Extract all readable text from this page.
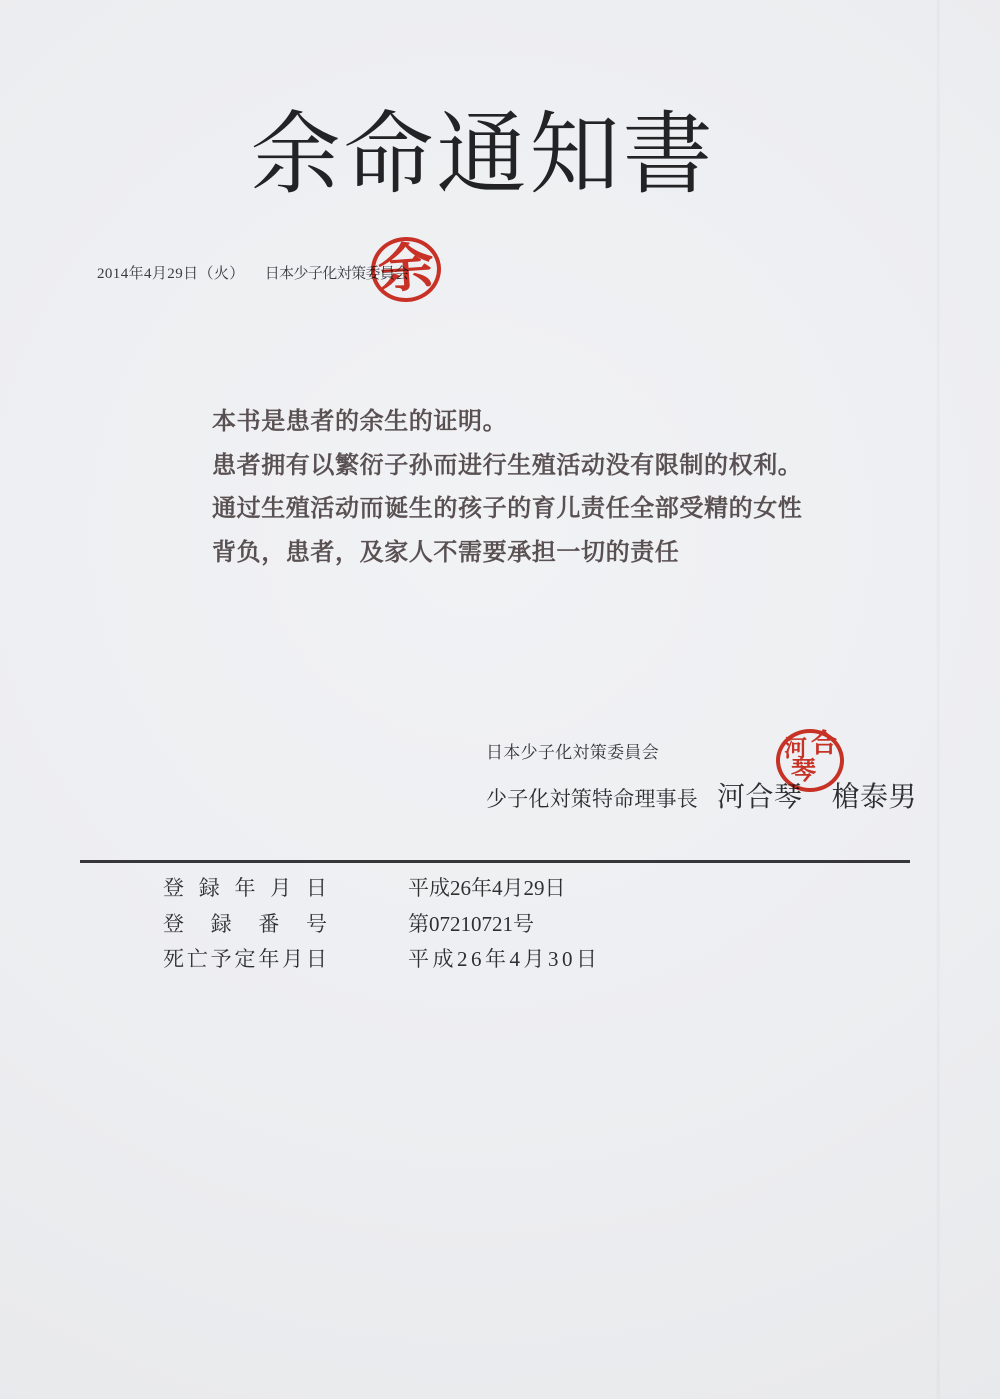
余命通知書
2014年4月29日（火） 日本少子化対策委員会
余
本书是患者的余生的证明。
患者拥有以繁衍子孙而进行生殖活动没有限制的权利。
通过生殖活动而诞生的孩子的育儿责任全部受精的女性
背负，患者，及家人不需要承担一切的责任
日本少子化対策委員会
少子化対策特命理事長 河合琴 槍泰男
河 合
琴
登録年月日	平成26年4月29日
登録番号	第07210721号
死亡予定年月日	平成26年4月30日
